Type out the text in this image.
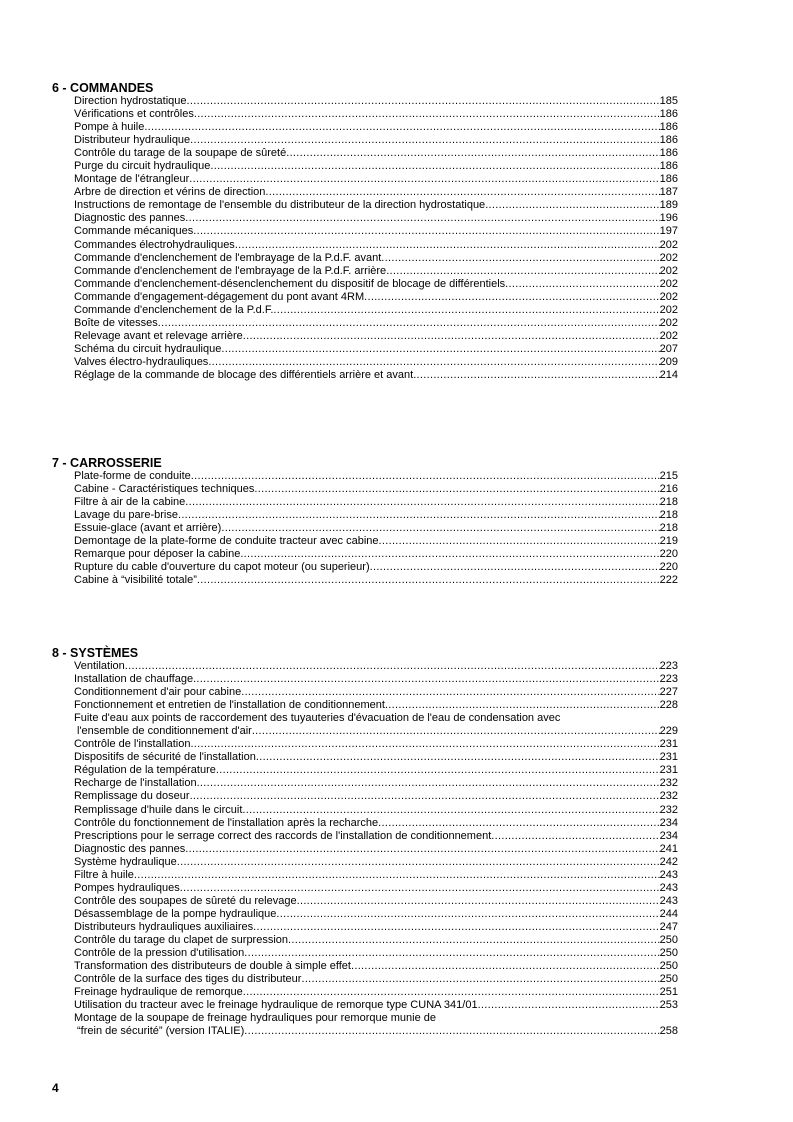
6 - COMMANDES
Direction hydrostatique .....	185
Vérifications et contrôles .....	186
Pompe à huile .....	186
Distributeur hydraulique .....	186
Contrôle du tarage de la soupape de sûreté .....	186
Purge du circuit hydraulique .....	186
Montage de l'étrangleur .....	186
Arbre de direction et vérins de direction .....	187
Instructions de remontage de l'ensemble du distributeur de la direction hydrostatique .....	189
Diagnostic des pannes .....	196
Commande mécaniques .....	197
Commandes électrohydrauliques .....	202
Commande d'enclenchement de l'embrayage de la P.d.F. avant .....	202
Commande d'enclenchement de l'embrayage de la P.d.F. arrière .....	202
Commande d'enclenchement-désenclenchement du dispositif de blocage de différentiels .....	202
Commande d'engagement-dégagement du pont avant 4RM .....	202
Commande d'enclenchement de la P.d.F. .....	202
Boîte de vitesses .....	202
Relevage avant et relevage arrière .....	202
Schéma du circuit hydraulique .....	207
Valves électro-hydrauliques .....	209
Réglage de la commande de blocage des différentiels arrière et avant .....	214
7 - CARROSSERIE
Plate-forme de conduite .....	215
Cabine - Caractéristiques techniques .....	216
Filtre à air de la cabine .....	218
Lavage du pare-brise .....	218
Essuie-glace (avant et arrière) .....	218
Demontage de la plate-forme de conduite tracteur avec cabine .....	219
Remarque pour déposer la cabine .....	220
Rupture du cable d'ouverture du capot moteur (ou superieur) .....	220
Cabine à “visibilité totale” .....	222
8 - SYSTÈMES
Ventilation .....	223
Installation de chauffage .....	223
Conditionnement d'air pour cabine .....	227
Fonctionnement et entretien de l'installation de conditionnement .....	228
Fuite d'eau aux points de raccordement des tuyauteries d'évacuation de l'eau de condensation avec
l'ensemble de conditionnement d'air .....	229
Contrôle de l'installation .....	231
Dispositifs de sécurité de l'installation .....	231
Régulation de la température .....	231
Recharge de l'installation .....	232
Remplissage du doseur .....	232
Remplissage d'huile dans le circuit .....	232
Contrôle du fonctionnement de l'installation après la recharche .....	234
Prescriptions pour le serrage correct des raccords de l'installation de conditionnement .....	234
Diagnostic des pannes .....	241
Système hydraulique .....	242
Filtre à huile .....	243
Pompes hydrauliques .....	243
Contrôle des soupapes de sûreté du relevage .....	243
Désassemblage de la pompe hydraulique .....	244
Distributeurs hydrauliques auxiliaires .....	247
Contrôle du tarage du clapet de surpression .....	250
Contrôle de la pression d'utilisation .....	250
Transformation des distributeurs de double à simple effet .....	250
Contrôle de la surface des tiges du distributeur .....	250
Freinage hydraulique de remorque .....	251
Utilisation du tracteur avec le freinage hydraulique de remorque type CUNA 341/01 .....	253
Montage de la soupape de freinage hydrauliques pour remorque munie de
“frein de sécurité” (version ITALIE) .....	258
4
